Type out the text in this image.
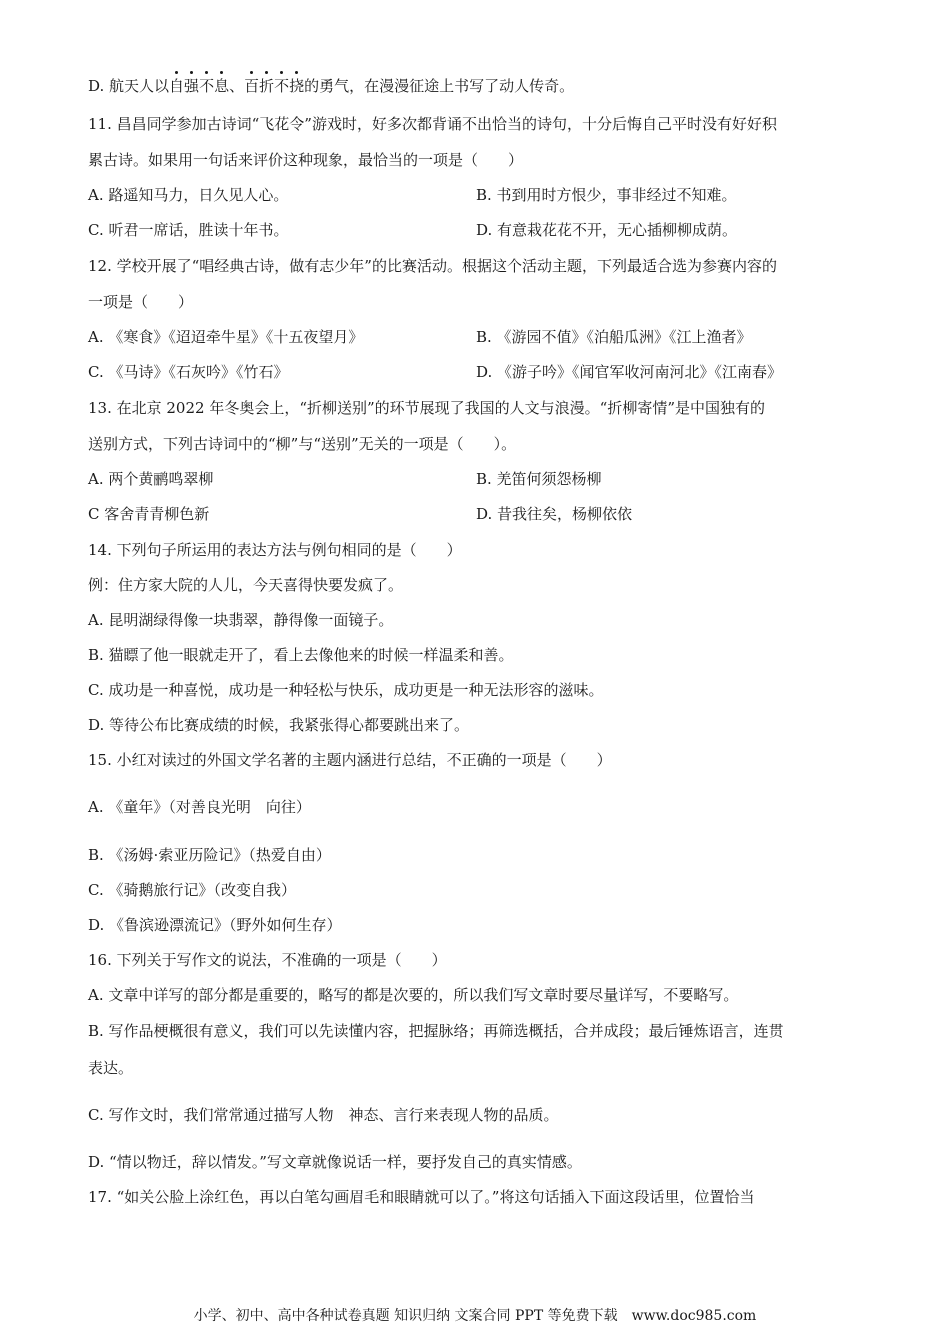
D. 航天人以自强不息、百折不挠的勇气，在漫漫征途上书写了动人传奇。
11. 昌昌同学参加古诗词“飞花令”游戏时，好多次都背诵不出恰当的诗句，十分后悔自己平时没有好好积
累古诗。如果用一句话来评价这种现象，最恰当的一项是（　　）
A. 路遥知马力，日久见人心。	B. 书到用时方恨少，事非经过不知难。
C. 听君一席话，胜读十年书。	D. 有意栽花花不开，无心插柳柳成荫。
12. 学校开展了“唱经典古诗，做有志少年”的比赛活动。根据这个活动主题，下列最适合选为参赛内容的
一项是（　　）
A. 《寒食》《迢迢牵牛星》《十五夜望月》	B. 《游园不值》《泊船瓜洲》《江上渔者》
C. 《马诗》《石灰吟》《竹石》	D. 《游子吟》《闻官军收河南河北》《江南春》
13. 在北京 2022 年冬奥会上，“折柳送别”的环节展现了我国的人文与浪漫。“折柳寄情”是中国独有的
送别方式，下列古诗词中的“柳”与“送别”无关的一项是（　　）。
A. 两个黄鹂鸣翠柳	B. 羌笛何须怨杨柳
C 客舍青青柳色新	D. 昔我往矣，杨柳依依
14. 下列句子所运用的表达方法与例句相同的是（　　）
例：住方家大院的人儿，今天喜得快要发疯了。
A. 昆明湖绿得像一块翡翠，静得像一面镜子。
B. 猫瞟了他一眼就走开了，看上去像他来的时候一样温柔和善。
C. 成功是一种喜悦，成功是一种轻松与快乐，成功更是一种无法形容的滋味。
D. 等待公布比赛成绩的时候，我紧张得心都要跳出来了。
15. 小红对读过的外国文学名著的主题内涵进行总结，不正确的一项是（　　）
A. 《童年》（对善良光明　向往）
B. 《汤姆·索亚历险记》（热爱自由）
C. 《骑鹅旅行记》（改变自我）
D. 《鲁滨逊漂流记》（野外如何生存）
16. 下列关于写作文的说法，不准确的一项是（　　）
A. 文章中详写的部分都是重要的，略写的都是次要的，所以我们写文章时要尽量详写，不要略写。
B. 写作品梗概很有意义，我们可以先读懂内容，把握脉络；再筛选概括，合并成段；最后锤炼语言，连贯
表达。
C. 写作文时，我们常常通过描写人物　神态、言行来表现人物的品质。
D. “情以物迁，辞以情发。”写文章就像说话一样，要抒发自己的真实情感。
17. “如关公脸上涂红色，再以白笔勾画眉毛和眼睛就可以了。”将这句话插入下面这段话里，位置恰当
小学、初中、高中各种试卷真题 知识归纳 文案合同 PPT 等免费下载 www.doc985.com
